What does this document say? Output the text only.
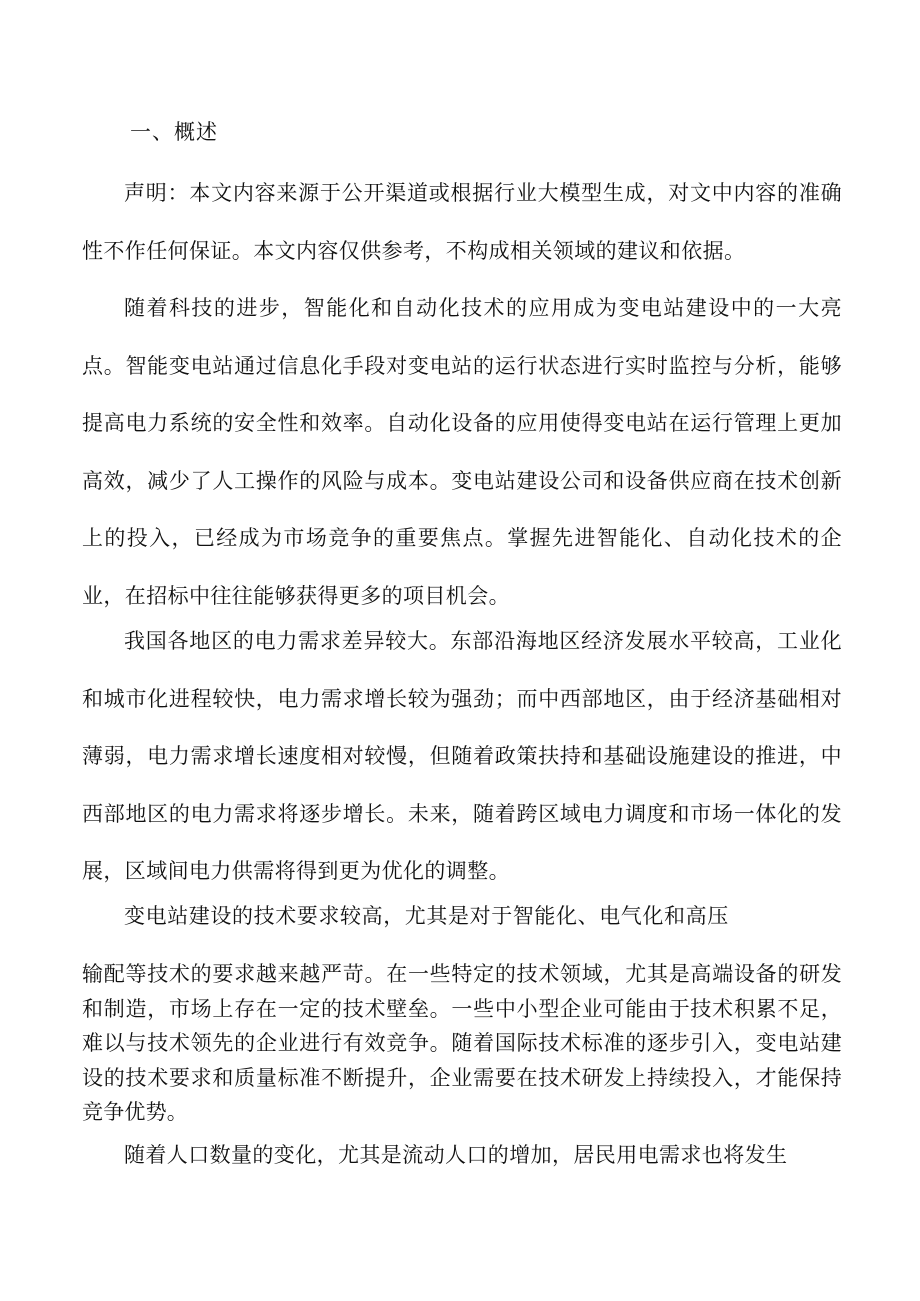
一、概述

声明：本文内容来源于公开渠道或根据行业大模型生成，对文中内容的准确性不作任何保证。本文内容仅供参考，不构成相关领域的建议和依据。

随着科技的进步，智能化和自动化技术的应用成为变电站建设中的一大亮点。智能变电站通过信息化手段对变电站的运行状态进行实时监控与分析，能够提高电力系统的安全性和效率。自动化设备的应用使得变电站在运行管理上更加高效，减少了人工操作的风险与成本。变电站建设公司和设备供应商在技术创新上的投入，已经成为市场竞争的重要焦点。掌握先进智能化、自动化技术的企业，在招标中往往能够获得更多的项目机会。

我国各地区的电力需求差异较大。东部沿海地区经济发展水平较高，工业化和城市化进程较快，电力需求增长较为强劲；而中西部地区，由于经济基础相对薄弱，电力需求增长速度相对较慢，但随着政策扶持和基础设施建设的推进，中西部地区的电力需求将逐步增长。未来，随着跨区域电力调度和市场一体化的发展，区域间电力供需将得到更为优化的调整。

变电站建设的技术要求较高，尤其是对于智能化、电气化和高压

输配等技术的要求越来越严苛。在一些特定的技术领域，尤其是高端设备的研发和制造，市场上存在一定的技术壁垒。一些中小型企业可能由于技术积累不足，难以与技术领先的企业进行有效竞争。随着国际技术标准的逐步引入，变电站建设的技术要求和质量标准不断提升，企业需要在技术研发上持续投入，才能保持竞争优势。

随着人口数量的变化，尤其是流动人口的增加，居民用电需求也将发生
